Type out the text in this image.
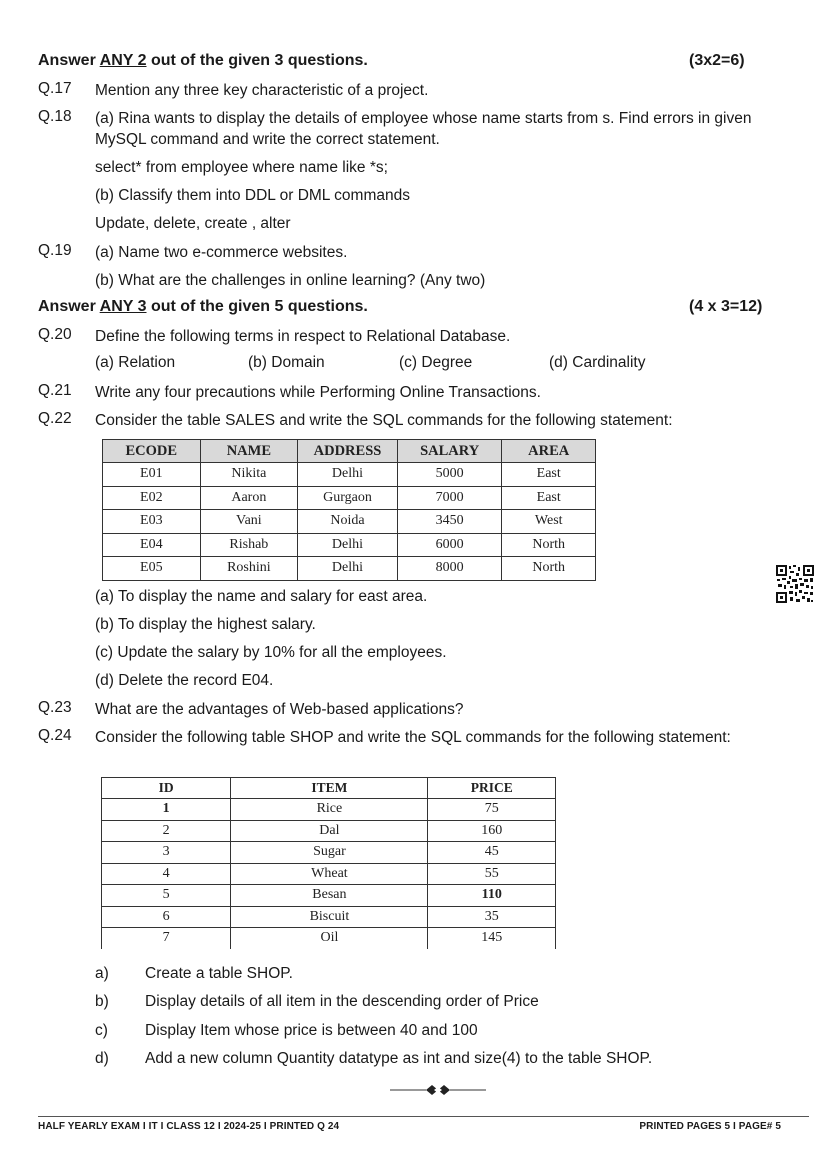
Answer ANY 2 out of the given 3 questions.	(3x2=6)
Q.17 Mention any three key characteristic of a project.
Q.18 (a) Rina wants to display the details of employee whose name starts from s. Find errors in given MySQL command and write the correct statement.
select* from employee where name like *s;
(b) Classify them into DDL or DML commands
Update, delete, create , alter
Q.19 (a) Name two e-commerce websites.
(b) What are the challenges in online learning? (Any two)
Answer ANY 3 out of the given 5 questions.	(4 x 3=12)
Q.20 Define the following terms in respect to Relational Database.
(a) Relation	(b) Domain	(c) Degree	(d) Cardinality
Q.21 Write any four precautions while Performing Online Transactions.
Q.22 Consider the table SALES and write the SQL commands for the following statement:
ECODE	NAME	ADDRESS	SALARY	AREA
E01	Nikita	Delhi	5000	East
E02	Aaron	Gurgaon	7000	East
E03	Vani	Noida	3450	West
E04	Rishab	Delhi	6000	North
E05	Roshini	Delhi	8000	North
(a) To display the name and salary for east area.
(b) To display the highest salary.
(c) Update the salary by 10% for all the employees.
(d) Delete the record E04.
Q.23 What are the advantages of Web-based applications?
Q.24 Consider the following table SHOP and write the SQL commands for the following statement:
ID	ITEM	PRICE
1	Rice	75
2	Dal	160
3	Sugar	45
4	Wheat	55
5	Besan	110
6	Biscuit	35
7	Oil	145
a) Create a table SHOP.
b) Display details of all item in the descending order of Price
c) Display Item whose price is between 40 and 100
d) Add a new column Quantity datatype as int and size(4) to the table SHOP.
HALF YEARLY EXAM I IT I CLASS 12 I 2024-25 I PRINTED Q 24	PRINTED PAGES 5 I PAGE# 5
